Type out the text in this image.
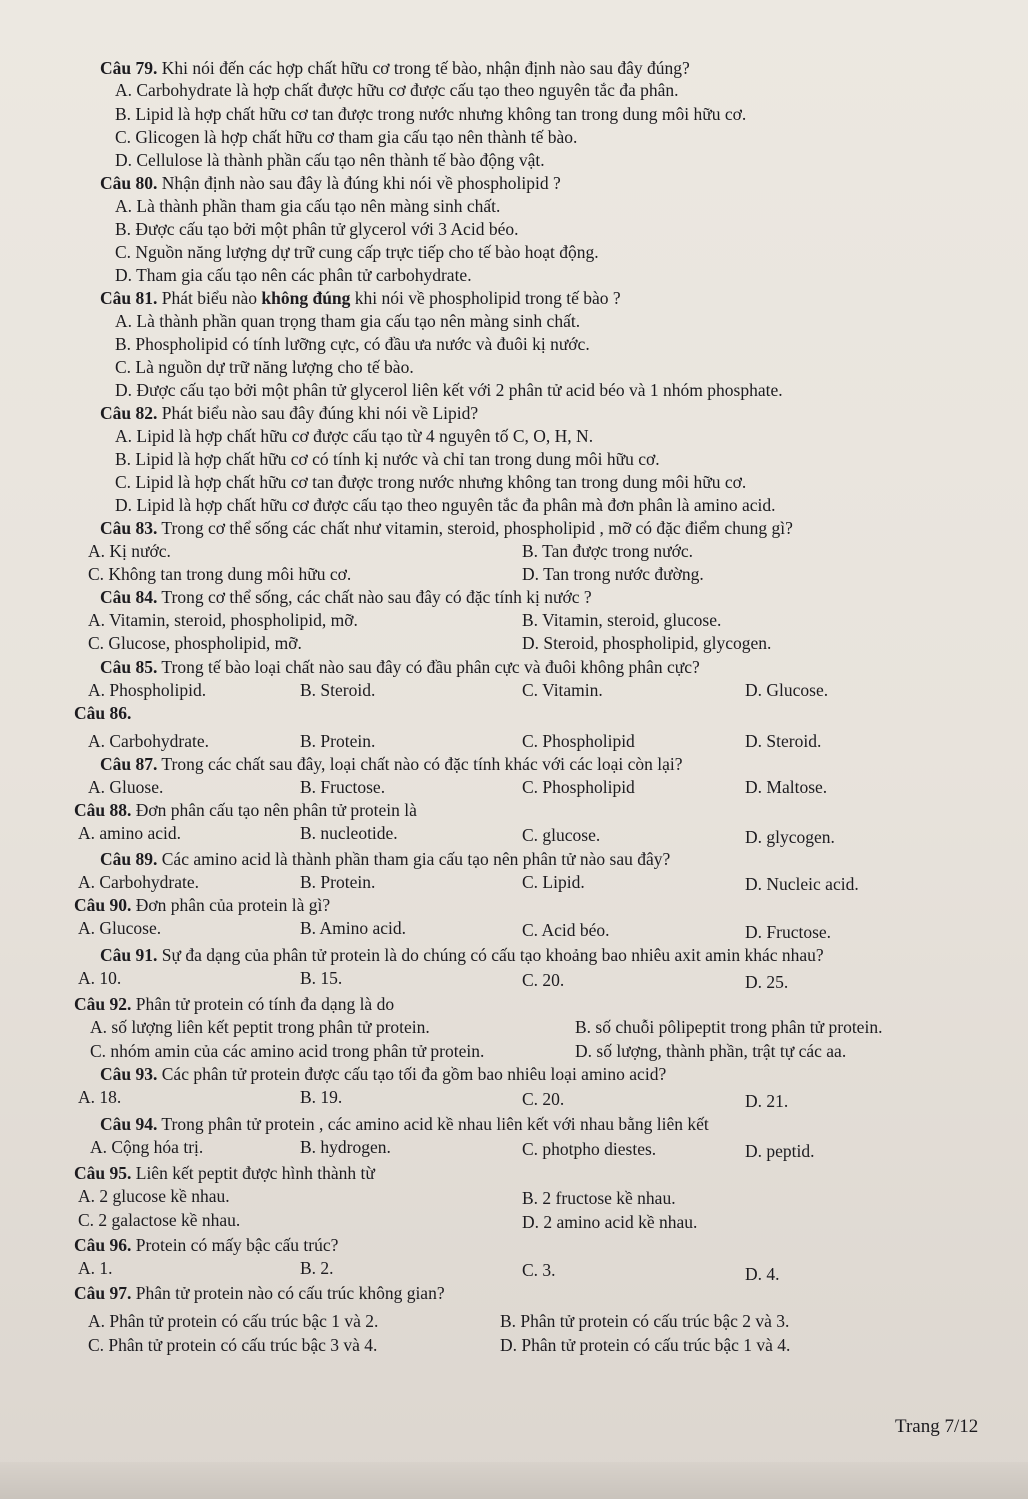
Câu 79. Khi nói đến các hợp chất hữu cơ trong tế bào, nhận định nào sau đây đúng?
A. Carbohydrate là hợp chất được hữu cơ được cấu tạo theo nguyên tắc đa phân.
B. Lipid là hợp chất hữu cơ tan được trong nước nhưng không tan trong dung môi hữu cơ.
C. Glicogen là hợp chất hữu cơ tham gia cấu tạo nên thành tế bào.
D. Cellulose là thành phần cấu tạo nên thành tế bào động vật.
Câu 80. Nhận định nào sau đây là đúng khi nói về phospholipid ?
A. Là thành phần tham gia cấu tạo nên màng sinh chất.
B. Được cấu tạo bởi một phân tử glycerol với 3 Acid béo.
C. Nguồn năng lượng dự trữ cung cấp trực tiếp cho tế bào hoạt động.
D. Tham gia cấu tạo nên các phân tử carbohydrate.
Câu 81. Phát biểu nào không đúng khi nói về phospholipid trong tế bào ?
A. Là thành phần quan trọng tham gia cấu tạo nên màng sinh chất.
B. Phospholipid có tính lưỡng cực, có đầu ưa nước và đuôi kị nước.
C. Là nguồn dự trữ năng lượng cho tế bào.
D. Được cấu tạo bởi một phân tử glycerol liên kết với 2 phân tử acid béo và 1 nhóm phosphate.
Câu 82. Phát biểu nào sau đây đúng khi nói về Lipid?
A. Lipid là hợp chất hữu cơ được cấu tạo từ 4 nguyên tố C, O, H, N.
B. Lipid là hợp chất hữu cơ có tính kị nước và chỉ tan trong dung môi hữu cơ.
C. Lipid là hợp chất hữu cơ tan được trong nước nhưng không tan trong dung môi hữu cơ.
D. Lipid là hợp chất hữu cơ được cấu tạo theo nguyên tắc đa phân mà đơn phân là amino acid.
Câu 83. Trong cơ thể sống các chất như vitamin, steroid, phospholipid , mỡ có đặc điểm chung gì?
A. Kị nước.	B. Tan được trong nước.
C. Không tan trong dung môi hữu cơ.	D. Tan trong nước đường.
Câu 84. Trong cơ thể sống, các chất nào sau đây có đặc tính kị nước ?
A. Vitamin, steroid, phospholipid, mỡ.	B. Vitamin, steroid, glucose.
C. Glucose, phospholipid, mỡ.	D. Steroid, phospholipid, glycogen.
Câu 85. Trong tế bào loại chất nào sau đây có đầu phân cực và đuôi không phân cực?
A. Phospholipid.	B. Steroid.	C. Vitamin.	D. Glucose.
Câu 86.
A. Carbohydrate.	B. Protein.	C. Phospholipid	D. Steroid.
Câu 87. Trong các chất sau đây, loại chất nào có đặc tính khác với các loại còn lại?
A. Gluose.	B. Fructose.	C. Phospholipid	D. Maltose.
Câu 88. Đơn phân cấu tạo nên phân tử protein là
A. amino acid.	B. nucleotide.	C. glucose.	D. glycogen.
Câu 89. Các amino acid là thành phần tham gia cấu tạo nên phân tử nào sau đây?
A. Carbohydrate.	B. Protein.	C. Lipid.	D. Nucleic acid.
Câu 90. Đơn phân của protein là gì?
A. Glucose.	B. Amino acid.	C. Acid béo.	D. Fructose.
Câu 91. Sự đa dạng của phân tử protein là do chúng có cấu tạo khoảng bao nhiêu axit amin khác nhau?
A. 10.	B. 15.	C. 20.	D. 25.
Câu 92. Phân tử protein có tính đa dạng là do
A. số lượng liên kết peptit trong phân tử protein.	B. số chuỗi pôlipeptit trong phân tử protein.
C. nhóm amin của các amino acid trong phân tử protein.	D. số lượng, thành phần, trật tự các aa.
Câu 93. Các phân tử protein được cấu tạo tối đa gồm bao nhiêu loại amino acid?
A. 18.	B. 19.	C. 20.	D. 21.
Câu 94. Trong phân tử protein , các amino acid kề nhau liên kết với nhau bằng liên kết
A. Cộng hóa trị.	B. hydrogen.	C. photpho diestes.	D. peptid.
Câu 95. Liên kết peptit được hình thành từ
A. 2 glucose kề nhau.	B. 2 fructose kề nhau.
C. 2 galactose kề nhau.	D. 2 amino acid kề nhau.
Câu 96. Protein có mấy bậc cấu trúc?
A. 1.	B. 2.	C. 3.	D. 4.
Câu 97. Phân tử protein nào có cấu trúc không gian?
A. Phân tử protein có cấu trúc bậc 1 và 2.	B. Phân tử protein có cấu trúc bậc 2 và 3.
C. Phân tử protein có cấu trúc bậc 3 và 4.	D. Phân tử protein có cấu trúc bậc 1 và 4.
Trang 7/12
